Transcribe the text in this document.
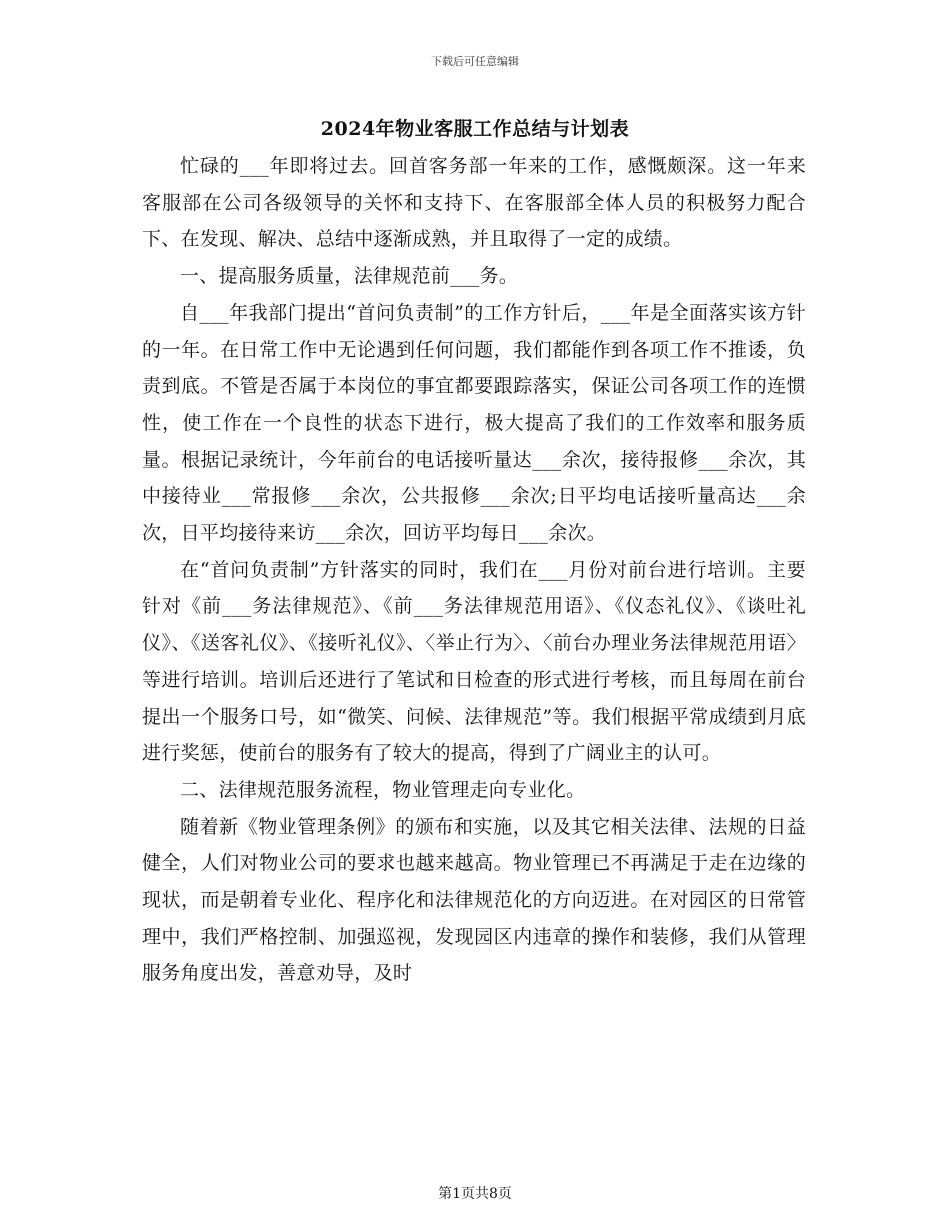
下载后可任意编辑
2024年物业客服工作总结与计划表

忙碌的___年即将过去。回首客务部一年来的工作，感慨颇深。这一年来客服部在公司各级领导的关怀和支持下、在客服部全体人员的积极努力配合下、在发现、解决、总结中逐渐成熟，并且取得了一定的成绩。

一、提高服务质量，法律规范前___务。

自___年我部门提出“首问负责制”的工作方针后，___年是全面落实该方针的一年。在日常工作中无论遇到任何问题，我们都能作到各项工作不推诿，负责到底。不管是否属于本岗位的事宜都要跟踪落实，保证公司各项工作的连惯性，使工作在一个良性的状态下进行，极大提高了我们的工作效率和服务质量。根据记录统计，今年前台的电话接听量达___余次，接待报修___余次，其中接待业___常报修___余次，公共报修___余次;日平均电话接听量高达___余次，日平均接待来访___余次，回访平均每日___余次。

在“首问负责制”方针落实的同时，我们在___月份对前台进行培训。主要针对《前___务法律规范》、《前___务法律规范用语》、《仪态礼仪》、《谈吐礼仪》、《送客礼仪》、《接听礼仪》、〈举止行为〉、〈前台办理业务法律规范用语〉等进行培训。培训后还进行了笔试和日检查的形式进行考核，而且每周在前台提出一个服务口号，如“微笑、问候、法律规范”等。我们根据平常成绩到月底进行奖惩，使前台的服务有了较大的提高，得到了广阔业主的认可。

二、法律规范服务流程，物业管理走向专业化。

随着新《物业管理条例》的颁布和实施，以及其它相关法律、法规的日益健全，人们对物业公司的要求也越来越高。物业管理已不再满足于走在边缘的现状，而是朝着专业化、程序化和法律规范化的方向迈进。在对园区的日常管理中，我们严格控制、加强巡视，发现园区内违章的操作和装修，我们从管理服务角度出发，善意劝导，及时

第1页共8页
